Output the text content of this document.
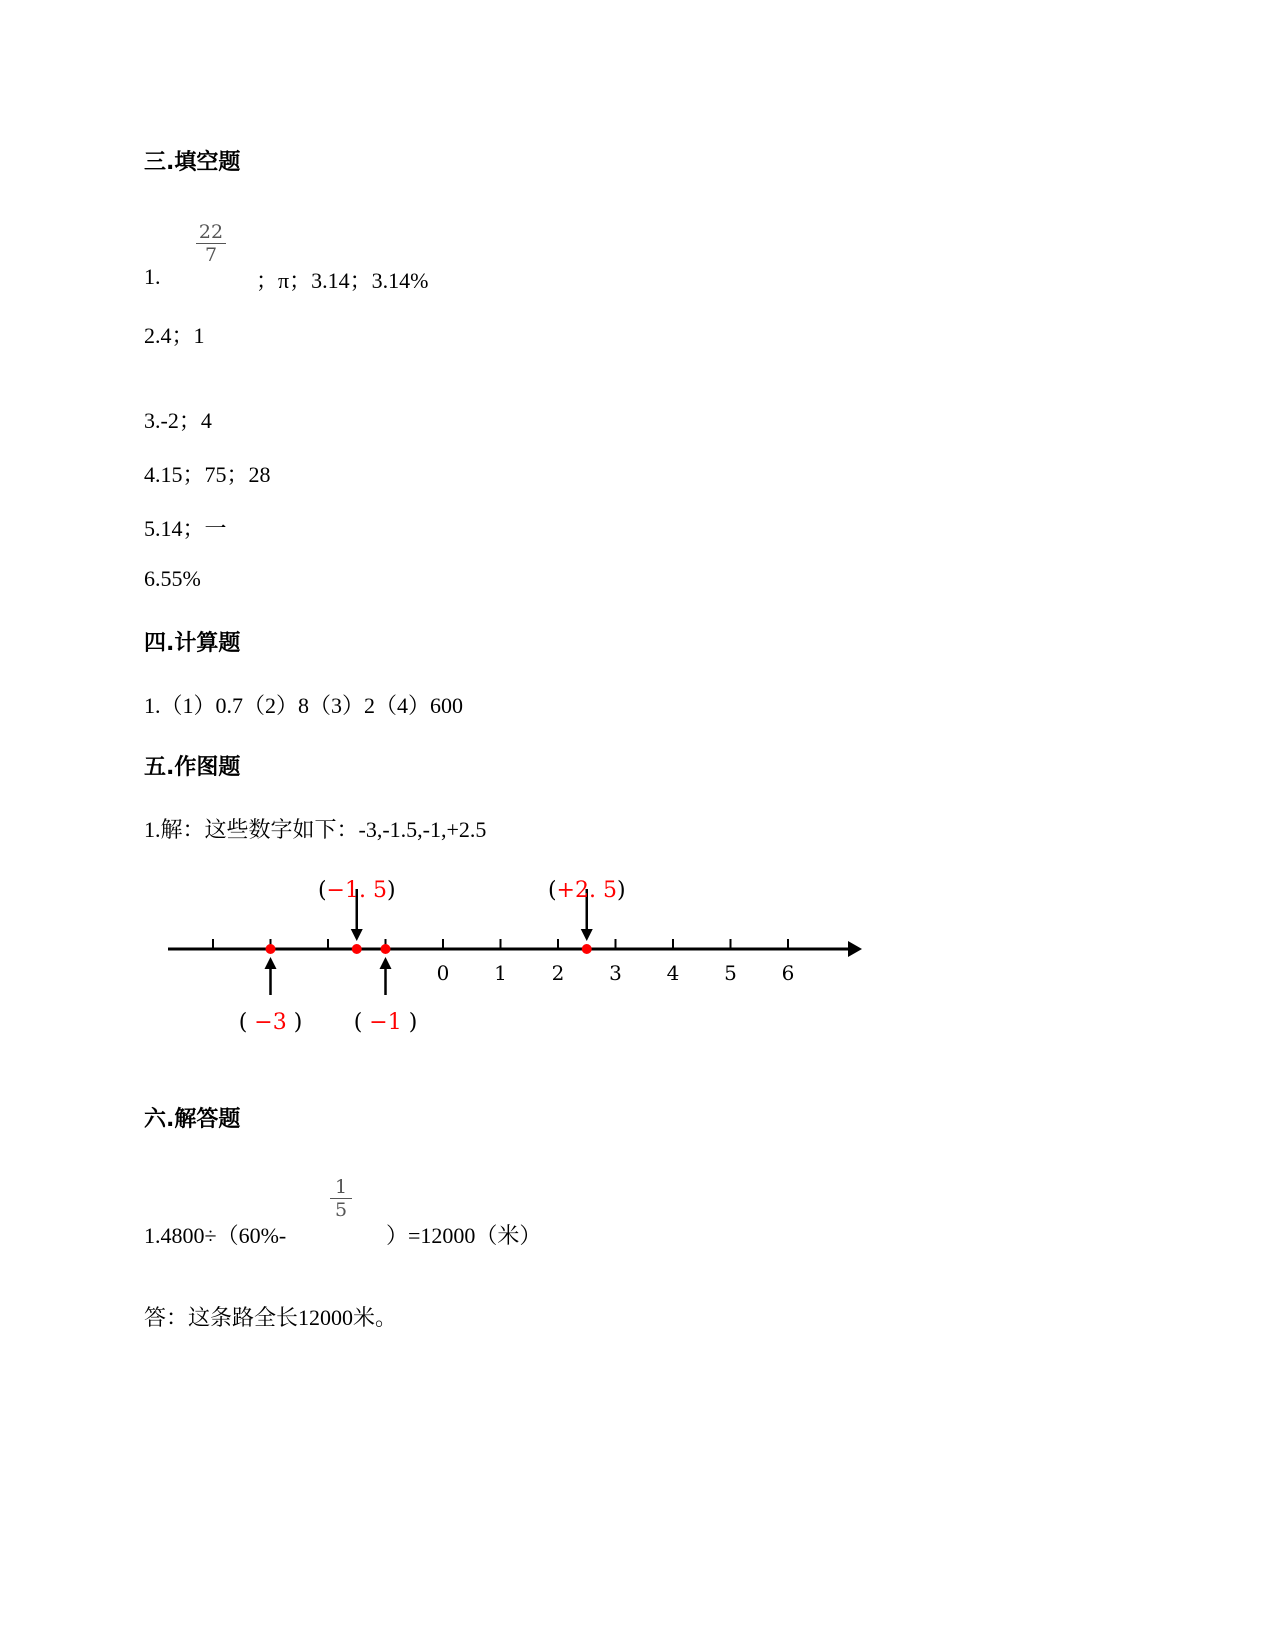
三.填空题
1.
22
7
；π；3.14；3.14%
2.4；1
3.-2；4
4.15；75；28
5.14；一
6.55%
四.计算题
1.（1）0.7（2）8（3）2（4）600
五.作图题
1.解：这些数字如下：-3,-1.5,-1,+2.5
0 1 2 3 4 5 6
( −3 )
(−1. 5)
( −1 )
(+2. 5)
六.解答题
1.4800÷（60%-
1
5
）=12000（米）
答：这条路全长12000米。
